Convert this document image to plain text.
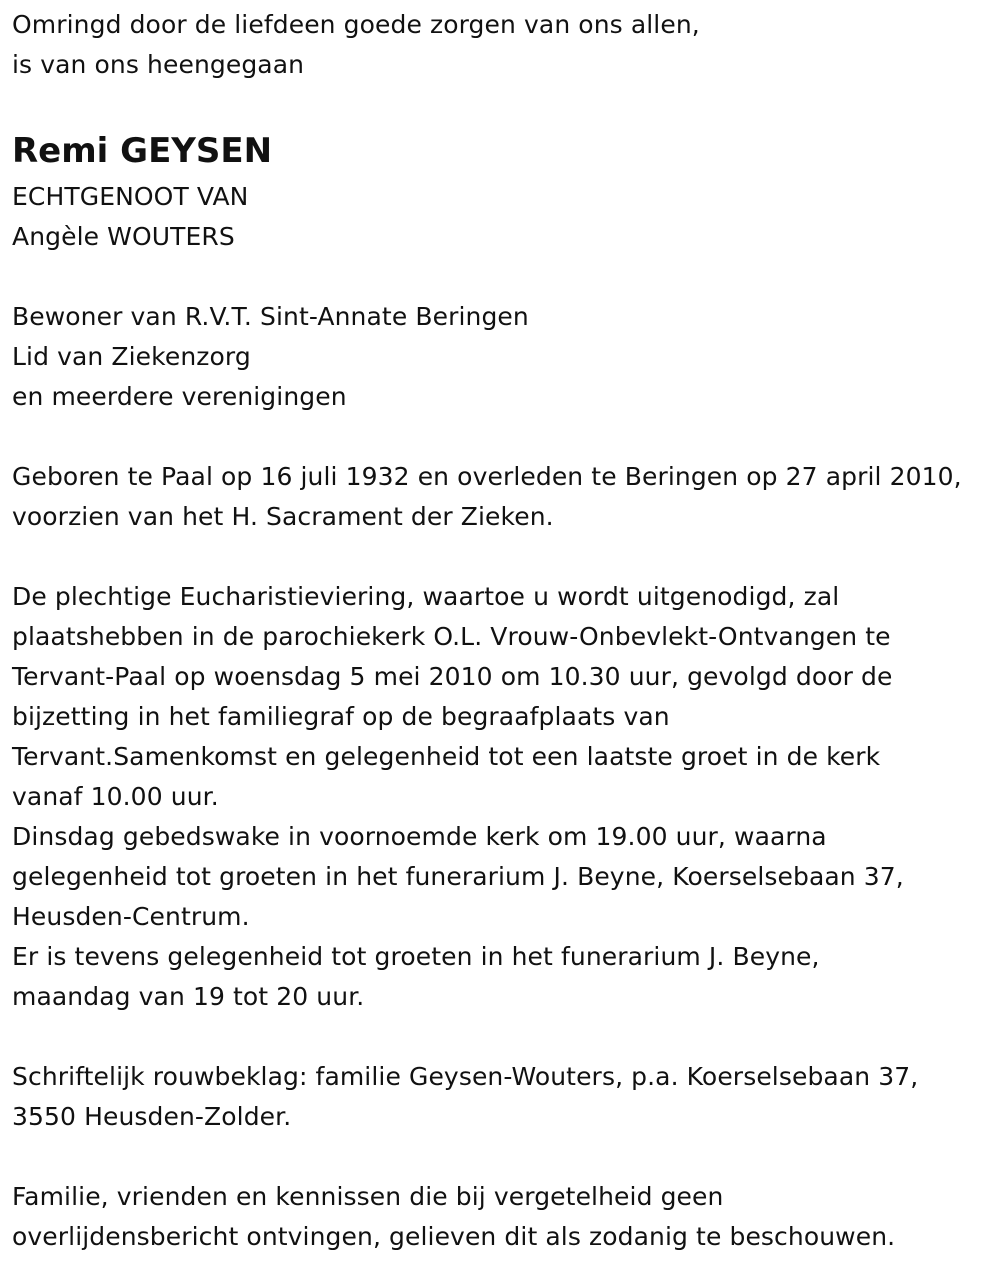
Omringd door de liefdeen goede zorgen van ons allen,
is van ons heengegaan
Remi GEYSEN
ECHTGENOOT VAN
Angèle WOUTERS
Bewoner van R.V.T. Sint-Annate Beringen
Lid van Ziekenzorg
en meerdere verenigingen
Geboren te Paal op 16 juli 1932 en overleden te Beringen op 27 april 2010,
voorzien van het H. Sacrament der Zieken.
De plechtige Eucharistieviering, waartoe u wordt uitgenodigd, zal
plaatshebben in de parochiekerk O.L. Vrouw-Onbevlekt-Ontvangen te
Tervant-Paal op woensdag 5 mei 2010 om 10.30 uur, gevolgd door de
bijzetting in het familiegraf op de begraafplaats van
Tervant.Samenkomst en gelegenheid tot een laatste groet in de kerk
vanaf 10.00 uur.
Dinsdag gebedswake in voornoemde kerk om 19.00 uur, waarna
gelegenheid tot groeten in het funerarium J. Beyne, Koerselsebaan 37,
Heusden-Centrum.
Er is tevens gelegenheid tot groeten in het funerarium J. Beyne,
maandag van 19 tot 20 uur.
Schriftelijk rouwbeklag: familie Geysen-Wouters, p.a. Koerselsebaan 37,
3550 Heusden-Zolder.
Familie, vrienden en kennissen die bij vergetelheid geen
overlijdensbericht ontvingen, gelieven dit als zodanig te beschouwen.
